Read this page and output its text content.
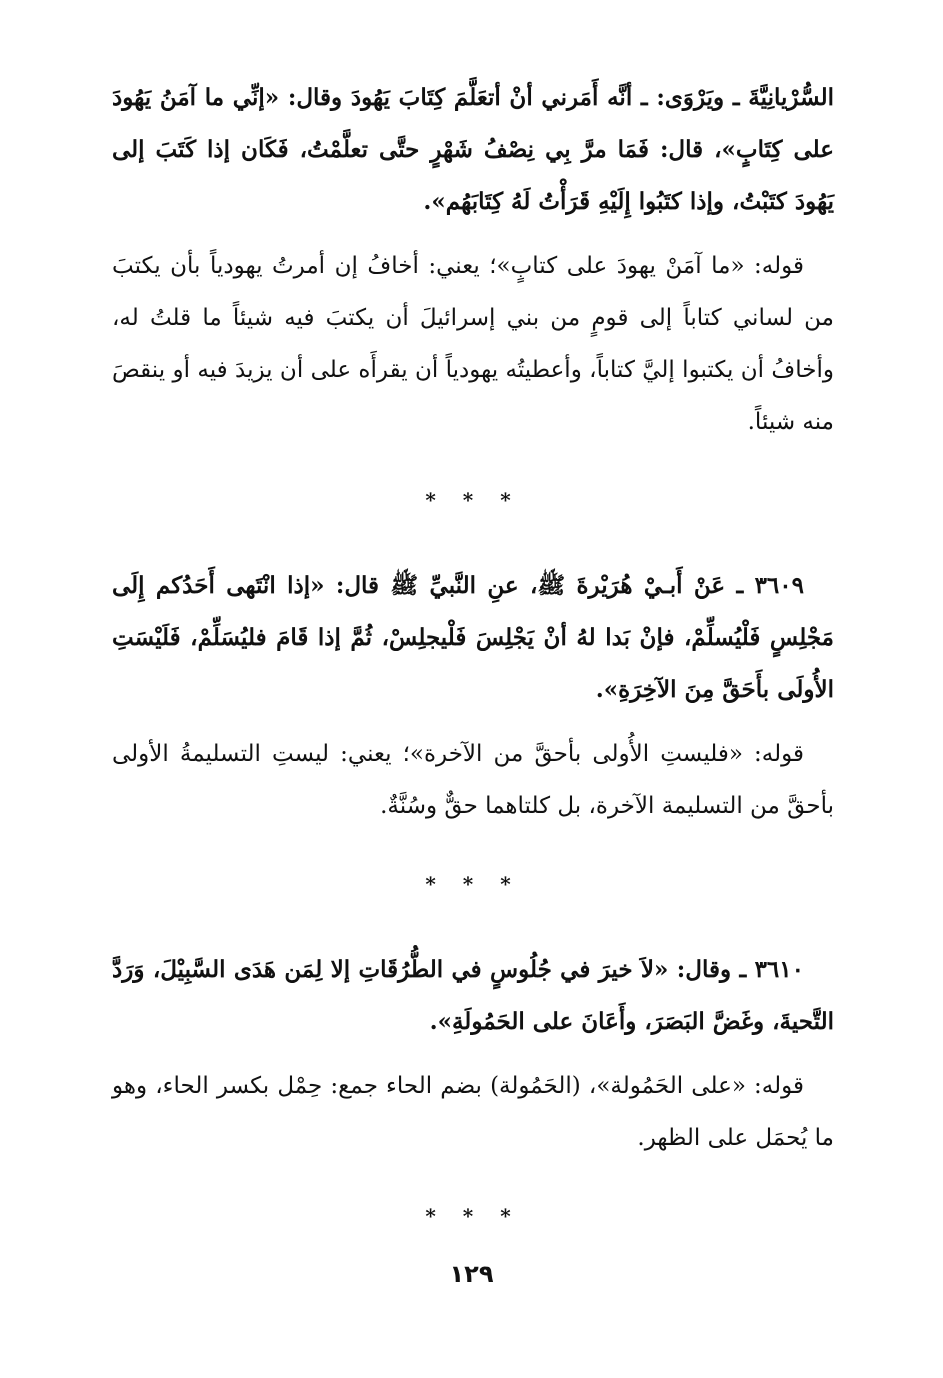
السُّرْيانِيَّةَ ـ ويَرْوَى: ـ أنَّه أَمَرني أنْ أتعَلَّمَ كِتَابَ يَهُودَ وقال: «إنِّي ما آمَنُ يَهُودَ على كِتَابٍ»، قال: فَمَا مرَّ بِي نِصْفُ شَهْرٍ حتَّى تعلَّمْتُ، فَكَان إذا كَتَبَ إلى يَهُودَ كتَبْتُ، وإذا كتَبُوا إِلَيْهِ قَرَأْتُ لَهُ كِتَابَهُم».

قوله: «ما آمَنْ يهودَ على كتابٍ»؛ يعني: أخافُ إن أمرتُ يهودياً بأن يكتبَ من لساني كتاباً إلى قومٍ من بني إسرائيلَ أن يكتبَ فيه شيئاً ما قلتُ له، وأخافُ أن يكتبوا إليَّ كتاباً، وأعطيتُه يهودياً أن يقرأَه على أن يزيدَ فيه أو ينقصَ منه شيئاً.

* * *

٣٦٠٩ ـ عَنْ أَبـيْ هُرَيْرةَ ﷺ، عنِ النَّبيِّ ﷺ قال: «إذا انْتَهى أَحَدُكم إِلَى مَجْلِسٍ فَلْيُسلِّمْ، فإنْ بَدا لهُ أنْ يَجْلِسَ فَلْيجلِسْ، ثُمَّ إذا قَامَ فليُسَلِّمْ، فَلَيْسَتِ الأُولَى بأَحَقَّ مِنَ الآخِرَةِ».

قوله: «فليستِ الأُولى بأحقَّ من الآخرة»؛ يعني: ليستِ التسليمةُ الأولى بأحقَّ من التسليمة الآخرة، بل كلتاهما حقٌّ وسُنَّةٌ.

* * *

٣٦١٠ ـ وقال: «لاَ خيرَ في جُلُوسٍ في الطُّرُقَاتِ إلا لِمَن هَدَى السَّبِيْلَ، وَرَدَّ التَّحيةَ، وغَضَّ البَصَرَ، وأَعَانَ على الحَمُولَةِ».

قوله: «على الحَمُولة»، (الحَمُولة) بضم الحاء جمع: حِمْل بكسر الحاء، وهو ما يُحمَل على الظهر.

* * *
١٢٩
